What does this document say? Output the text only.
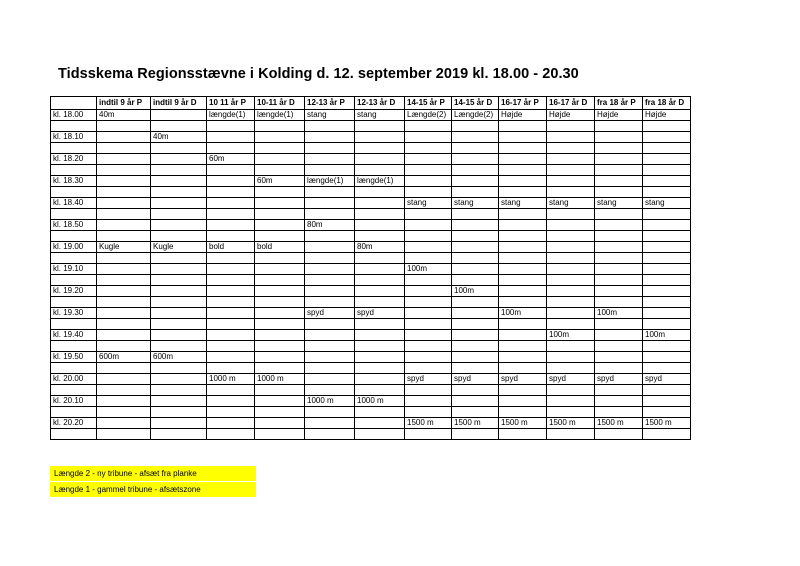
Tidsskema Regionsstævne i Kolding d. 12. september 2019 kl. 18.00 - 20.30
	indtil 9 år P	indtil 9 år D	10 11 år P	10-11 år D	12-13 år P	12-13 år D	14-15 år P	14-15 år D	16-17 år P	16-17 år D	fra 18 år P	fra 18 år D
kl. 18.00	40m		længde(1)	længde(1)	stang	stang	Længde(2)	Længde(2)	Højde	Højde	Højde	Højde

kl. 18.10		40m										

kl. 18.20			60m									

kl. 18.30				60m	længde(1)	længde(1)						

kl. 18.40							stang	stang	stang	stang	stang	stang

kl. 18.50					80m							

kl. 19.00	Kugle	Kugle	bold	bold		80m						

kl. 19.10							100m					

kl. 19.20								100m				

kl. 19.30					spyd	spyd			100m		100m	

kl. 19.40										100m		100m

kl. 19.50	600m	600m										

kl. 20.00			1000 m	1000 m			spyd	spyd	spyd	spyd	spyd	spyd

kl. 20.10					1000 m	1000 m						

kl. 20.20							1500 m	1500 m	1500 m	1500 m	1500 m	1500 m

Længde 2 - ny tribune - afsæt fra planke
Længde 1 - gammel tribune - afsætszone
